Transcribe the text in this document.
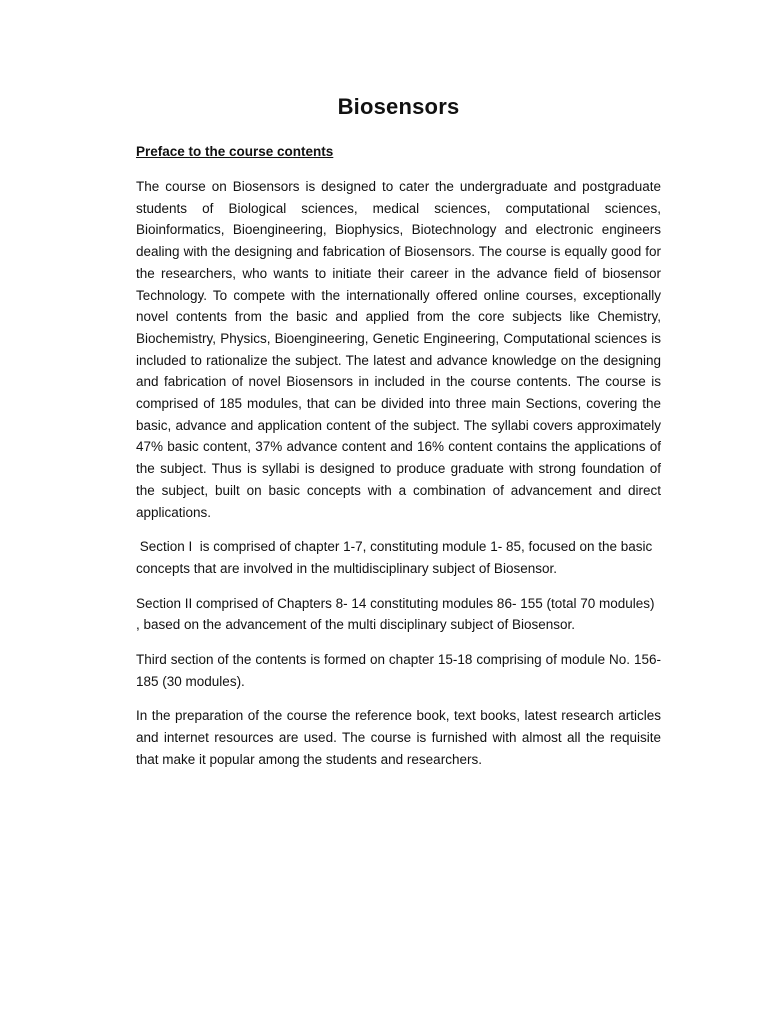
Biosensors
Preface to the course contents

The course on Biosensors is designed to cater the undergraduate and postgraduate students of Biological sciences, medical sciences, computational sciences, Bioinformatics, Bioengineering, Biophysics, Biotechnology and electronic engineers dealing with the designing and fabrication of Biosensors. The course is equally good for the researchers, who wants to initiate their career in the advance field of biosensor Technology. To compete with the internationally offered online courses, exceptionally novel contents from the basic and applied from the core subjects like Chemistry, Biochemistry, Physics, Bioengineering, Genetic Engineering, Computational sciences is included to rationalize the subject. The latest and advance knowledge on the designing and fabrication of novel Biosensors in included in the course contents. The course is comprised of 185 modules, that can be divided into three main Sections, covering the basic, advance and application content of the subject. The syllabi covers approximately 47% basic content, 37% advance content and 16% content contains the applications of the subject. Thus is syllabi is designed to produce graduate with strong foundation of the subject, built on basic concepts with a combination of advancement and direct applications.

Section I  is comprised of chapter 1-7, constituting module 1- 85, focused on the basic concepts that are involved in the multidisciplinary subject of Biosensor.

Section II comprised of Chapters 8- 14 constituting modules 86- 155 (total 70 modules) , based on the advancement of the multi disciplinary subject of Biosensor.

Third section of the contents is formed on chapter 15-18 comprising of module No. 156-185 (30 modules).

In the preparation of the course the reference book, text books, latest research articles and internet resources are used. The course is furnished with almost all the requisite that make it popular among the students and researchers.
